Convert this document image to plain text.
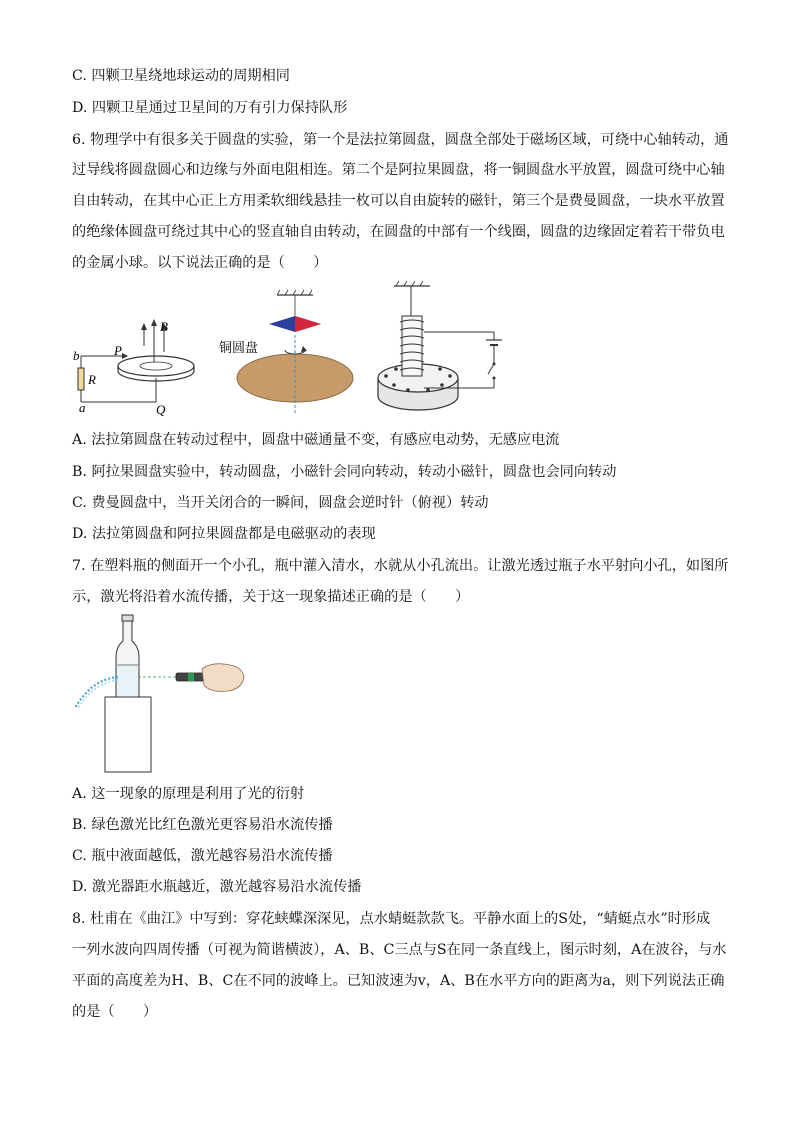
C. 四颗卫星绕地球运动的周期相同
D. 四颗卫星通过卫星间的万有引力保持队形
6. 物理学中有很多关于圆盘的实验，第一个是法拉第圆盘，圆盘全部处于磁场区域，可绕中心轴转动，通
过导线将圆盘圆心和边缘与外面电阻相连。第二个是阿拉果圆盘，将一铜圆盘水平放置，圆盘可绕中心轴
自由转动，在其中心正上方用柔软细线悬挂一枚可以自由旋转的磁针，第三个是费曼圆盘，一块水平放置
的绝缘体圆盘可绕过其中心的竖直轴自由转动，在圆盘的中部有一个线圈，圆盘的边缘固定着若干带负电
的金属小球。以下说法正确的是（　　）
b
R
a
P
B
Q
铜圆盘
A. 法拉第圆盘在转动过程中，圆盘中磁通量不变，有感应电动势，无感应电流
B. 阿拉果圆盘实验中，转动圆盘，小磁针会同向转动，转动小磁针，圆盘也会同向转动
C. 费曼圆盘中，当开关闭合的一瞬间，圆盘会逆时针（俯视）转动
D. 法拉第圆盘和阿拉果圆盘都是电磁驱动的表现
7. 在塑料瓶的侧面开一个小孔，瓶中灌入清水，水就从小孔流出。让激光透过瓶子水平射向小孔，如图所
示，激光将沿着水流传播，关于这一现象描述正确的是（　　）
A. 这一现象的原理是利用了光的衍射
B. 绿色激光比红色激光更容易沿水流传播
C. 瓶中液面越低，激光越容易沿水流传播
D. 激光器距水瓶越近，激光越容易沿水流传播
8. 杜甫在《曲江》中写到：穿花蛱蝶深深见，点水蜻蜓款款飞。平静水面上的S处，“蜻蜓点水”时形成
一列水波向四周传播（可视为简谐横波），A、B、C三点与S在同一条直线上，图示时刻，A在波谷，与水
平面的高度差为H、B、C在不同的波峰上。已知波速为v，A、B在水平方向的距离为a，则下列说法正确
的是（　　）
